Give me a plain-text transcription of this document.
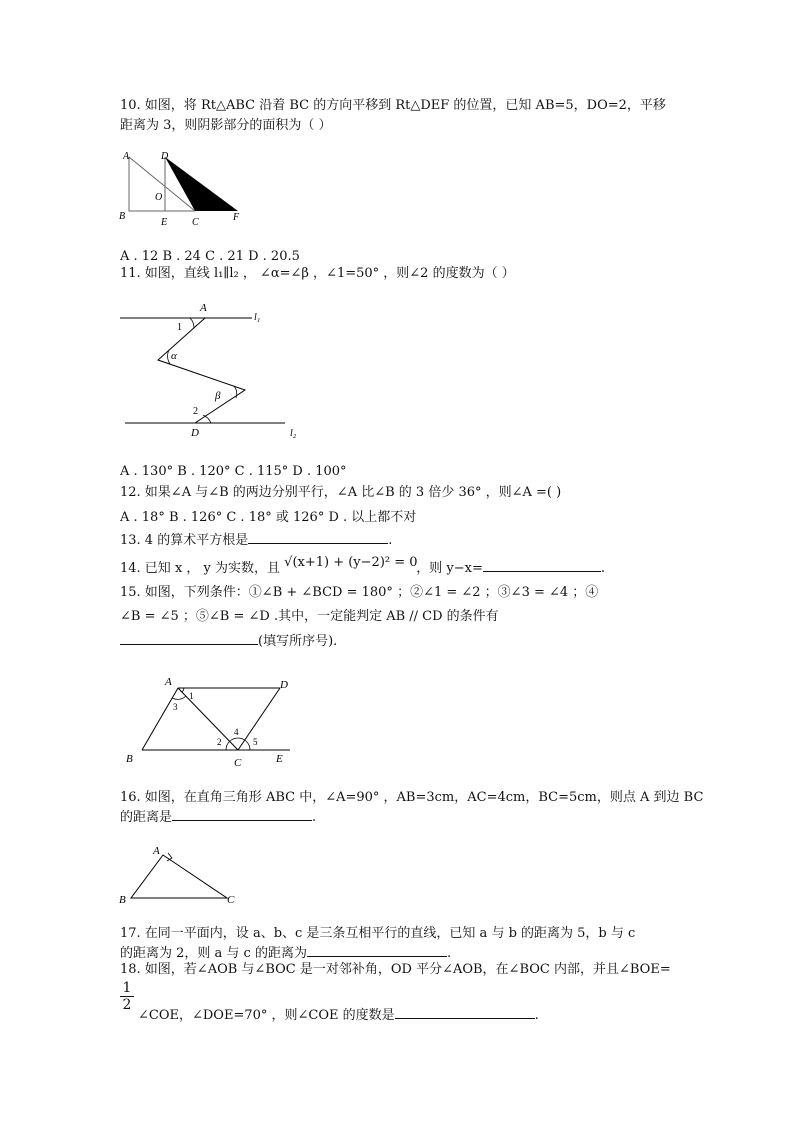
10. 如图，将 Rt△ABC 沿着 BC 的方向平移到 Rt△DEF 的位置，已知 AB=5，DO=2，平移
距离为 3，则阴影部分的面积为（ ）
A	D
O
B
E C	F
A . 12 B . 24 C . 21 D . 20.5
11. 如图，直线 l₁∥l₂ ， ∠α=∠β ，∠1=50° ，则∠2 的度数为（ ）
A
1
α
β
2
D
l₁
l₂
A . 130° B . 120° C . 115° D . 100°
12. 如果∠A 与∠B 的两边分别平行，∠A 比∠B 的 3 倍少 36° ，则∠A =( )
A . 18° B . 126° C . 18° 或 126° D . 以上都不对
13. 4 的算术平方根是	.
14. 已知 x ， y 为实数，且 √(x+1) + (y−2)² = 0 ，则 y−x=	.
15. 如图，下列条件：①∠B + ∠BCD = 180° ；②∠1 = ∠2 ；③∠3 = ∠4 ；④
∠B = ∠5 ；⑤∠B = ∠D .其中，一定能判定 AB // CD 的条件有
(填写所序号).
A	D
B	C	E
1
3
2
4
5
16. 如图，在直角三角形 ABC 中，∠A=90° ，AB=3cm，AC=4cm，BC=5cm，则点 A 到边 BC
的距离是	.
A
B	C
17. 在同一平面内，设 a、b、c 是三条互相平行的直线，已知 a 与 b 的距离为 5，b 与 c
的距离为 2，则 a 与 c 的距离为	.
18. 如图，若∠AOB 与∠BOC 是一对邻补角，OD 平分∠AOB，在∠BOC 内部，并且∠BOE=
$\frac{1}{2}$
∠COE，∠DOE=70° ，则∠COE 的度数是	.
